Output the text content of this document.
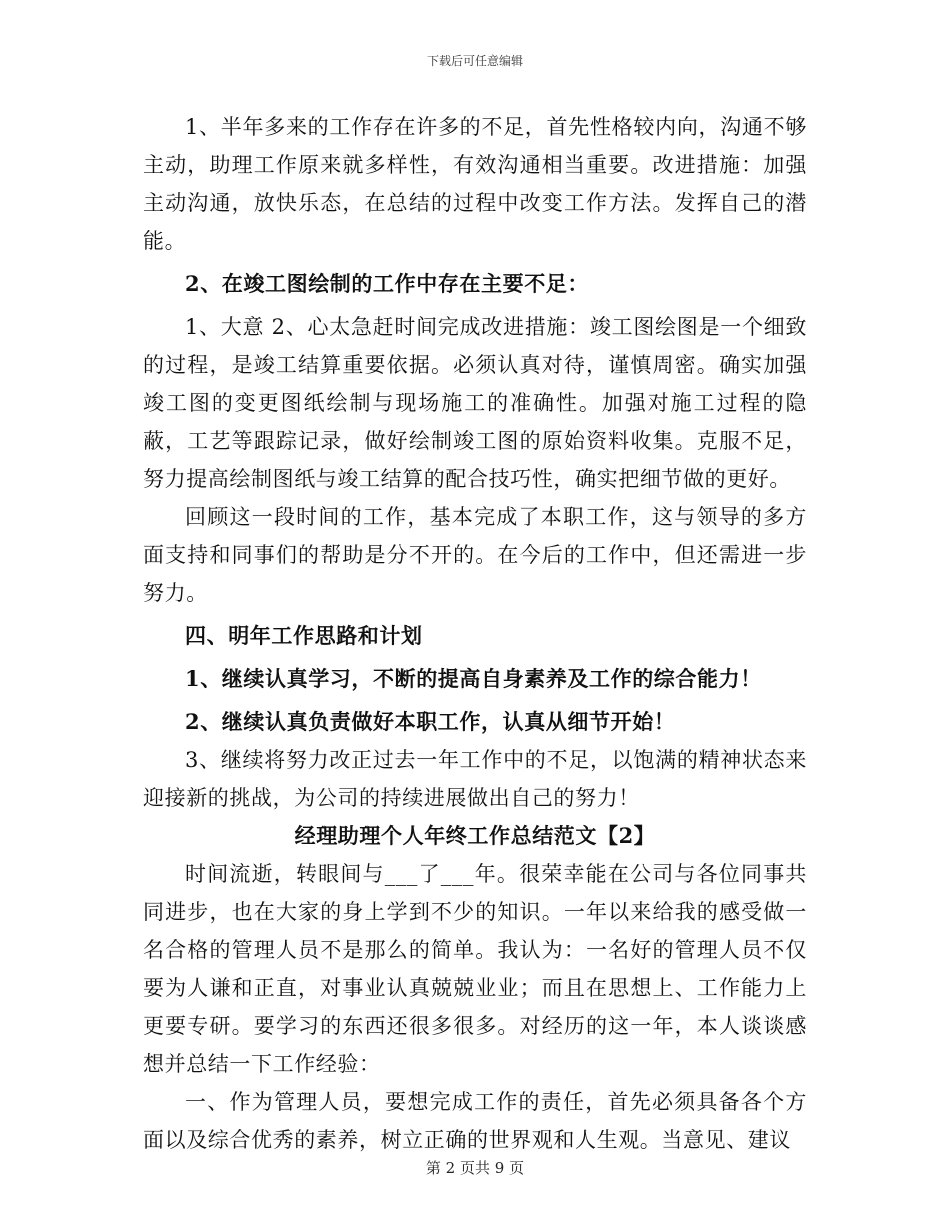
下载后可任意编辑

1、半年多来的工作存在许多的不足，首先性格较内向，沟通不够主动，助理工作原来就多样性，有效沟通相当重要。改进措施：加强主动沟通，放快乐态，在总结的过程中改变工作方法。发挥自己的潜能。

2、在竣工图绘制的工作中存在主要不足：

1、大意 2、心太急赶时间完成改进措施：竣工图绘图是一个细致的过程，是竣工结算重要依据。必须认真对待，谨慎周密。确实加强竣工图的变更图纸绘制与现场施工的准确性。加强对施工过程的隐蔽，工艺等跟踪记录，做好绘制竣工图的原始资料收集。克服不足，努力提高绘制图纸与竣工结算的配合技巧性，确实把细节做的更好。

回顾这一段时间的工作，基本完成了本职工作，这与领导的多方面支持和同事们的帮助是分不开的。在今后的工作中，但还需进一步努力。

四、明年工作思路和计划

1、继续认真学习，不断的提高自身素养及工作的综合能力！

2、继续认真负责做好本职工作，认真从细节开始！

3、继续将努力改正过去一年工作中的不足，以饱满的精神状态来迎接新的挑战，为公司的持续进展做出自己的努力！

经理助理个人年终工作总结范文【2】

时间流逝，转眼间与___了___年。很荣幸能在公司与各位同事共同进步，也在大家的身上学到不少的知识。一年以来给我的感受做一名合格的管理人员不是那么的简单。我认为：一名好的管理人员不仅要为人谦和正直，对事业认真兢兢业业；而且在思想上、工作能力上更要专研。要学习的东西还很多很多。对经历的这一年，本人谈谈感想并总结一下工作经验：

一、作为管理人员，要想完成工作的责任，首先必须具备各个方面以及综合优秀的素养，树立正确的世界观和人生观。当意见、建议

第 2 页共 9 页
